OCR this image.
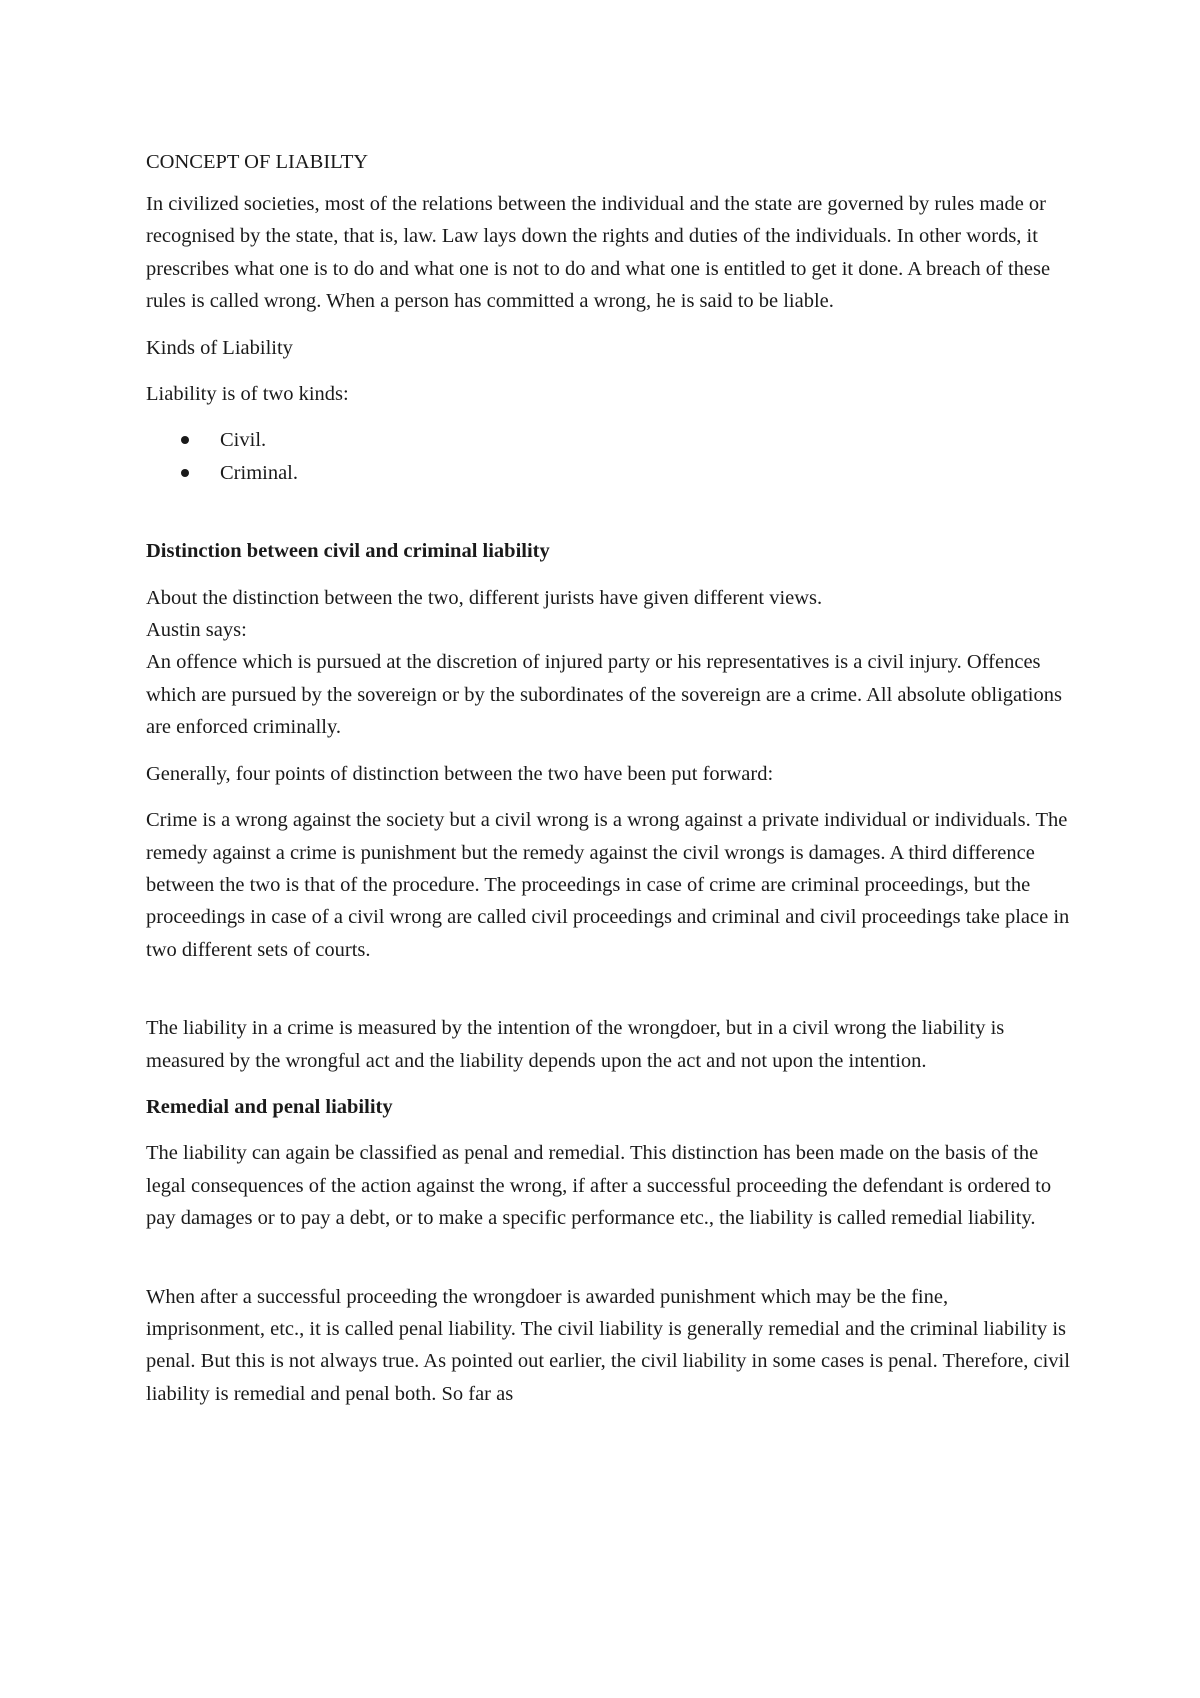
CONCEPT OF LIABILTY

In civilized societies, most of the relations between the individual and the state are governed by rules made or recognised by the state, that is, law. Law lays down the rights and duties of the individuals. In other words, it prescribes what one is to do and what one is not to do and what one is entitled to get it done. A breach of these rules is called wrong. When a person has committed a wrong, he is said to be liable.

Kinds of Liability

Liability is of two kinds:

Civil.
Criminal.

Distinction between civil and criminal liability

About the distinction between the two, different jurists have given different views.

Austin says:

An offence which is pursued at the discretion of injured party or his representatives is a civil injury. Offences which are pursued by the sovereign or by the subordinates of the sovereign are a crime. All absolute obligations are enforced criminally.

Generally, four points of distinction between the two have been put forward:

Crime is a wrong against the society but a civil wrong is a wrong against a private individual or individuals. The remedy against a crime is punishment but the remedy against the civil wrongs is damages. A third difference between the two is that of the procedure. The proceedings in case of crime are criminal proceedings, but the proceedings in case of a civil wrong are called civil proceedings and criminal and civil proceedings take place in two different sets of courts.

The liability in a crime is measured by the intention of the wrongdoer, but in a civil wrong the liability is measured by the wrongful act and the liability depends upon the act and not upon the intention.

Remedial and penal liability

The liability can again be classified as penal and remedial. This distinction has been made on the basis of the legal consequences of the action against the wrong, if after a successful proceeding the defendant is ordered to pay damages or to pay a debt, or to make a specific performance etc., the liability is called remedial liability.

When after a successful proceeding the wrongdoer is awarded punishment which may be the fine, imprisonment, etc., it is called penal liability. The civil liability is generally remedial and the criminal liability is penal. But this is not always true. As pointed out earlier, the civil liability in some cases is penal. Therefore, civil liability is remedial and penal both. So far as
